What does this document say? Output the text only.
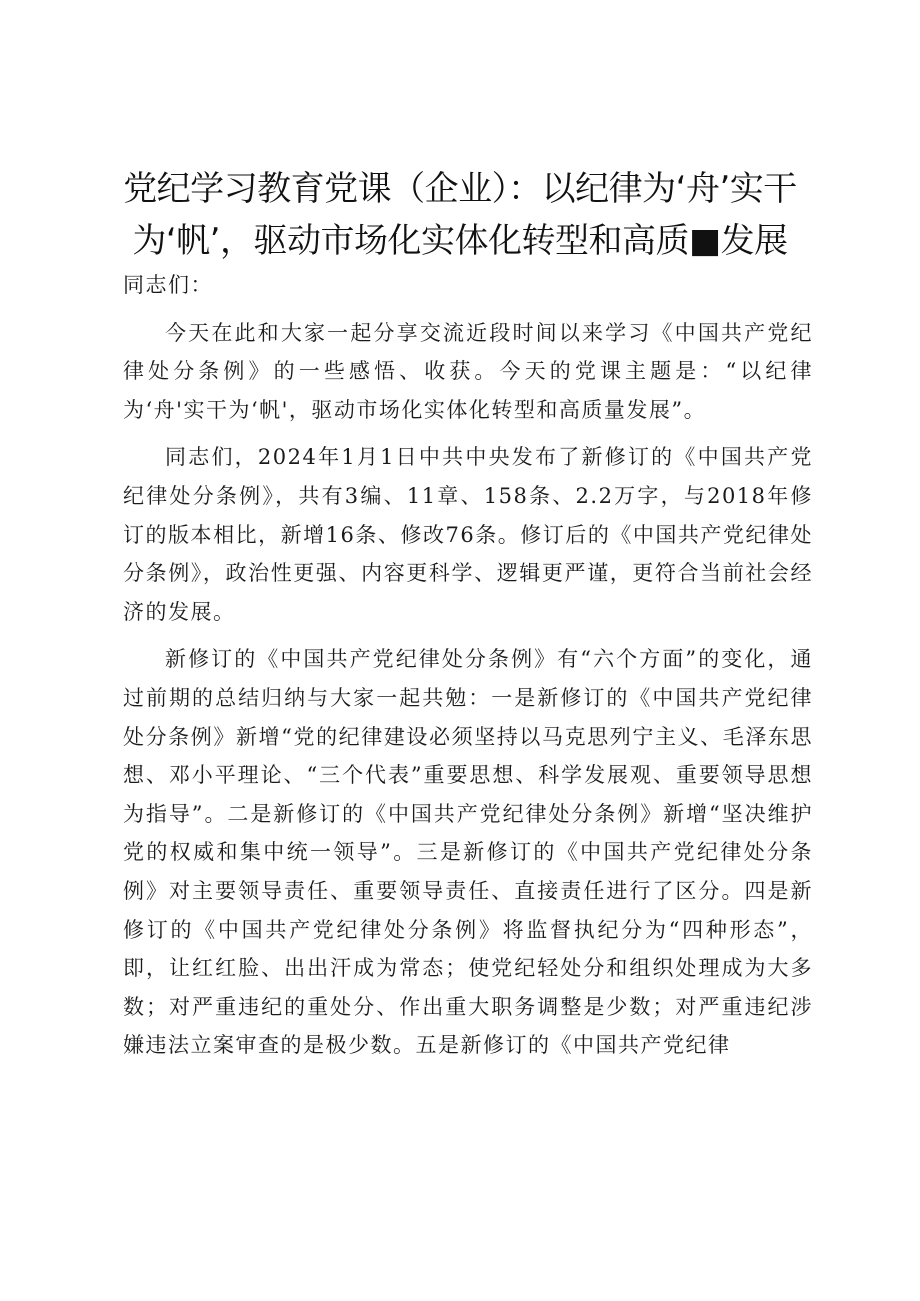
党纪学习教育党课（企业）：以纪律为‘舟’实干为‘帆’，驱动市场化实体化转型和高质■发展

同志们：

今天在此和大家一起分享交流近段时间以来学习《中国共产党纪律处分条例》的一些感悟、收获。今天的党课主题是：“以纪律为‘舟'实干为‘帆'，驱动市场化实体化转型和高质量发展”。

同志们，2024年1月1日中共中央发布了新修订的《中国共产党纪律处分条例》，共有3编、11章、158条、2.2万字，与2018年修订的版本相比，新增16条、修改76条。修订后的《中国共产党纪律处分条例》，政治性更强、内容更科学、逻辑更严谨，更符合当前社会经济的发展。

新修订的《中国共产党纪律处分条例》有“六个方面”的变化，通过前期的总结归纳与大家一起共勉：一是新修订的《中国共产党纪律处分条例》新增“党的纪律建设必须坚持以马克思列宁主义、毛泽东思想、邓小平理论、“三个代表”重要思想、科学发展观、重要领导思想为指导”。二是新修订的《中国共产党纪律处分条例》新增“坚决维护党的权威和集中统一领导”。三是新修订的《中国共产党纪律处分条例》对主要领导责任、重要领导责任、直接责任进行了区分。四是新修订的《中国共产党纪律处分条例》将监督执纪分为“四种形态”，即，让红红脸、出出汗成为常态；使党纪轻处分和组织处理成为大多数；对严重违纪的重处分、作出重大职务调整是少数；对严重违纪涉嫌违法立案审查的是极少数。五是新修订的《中国共产党纪律
